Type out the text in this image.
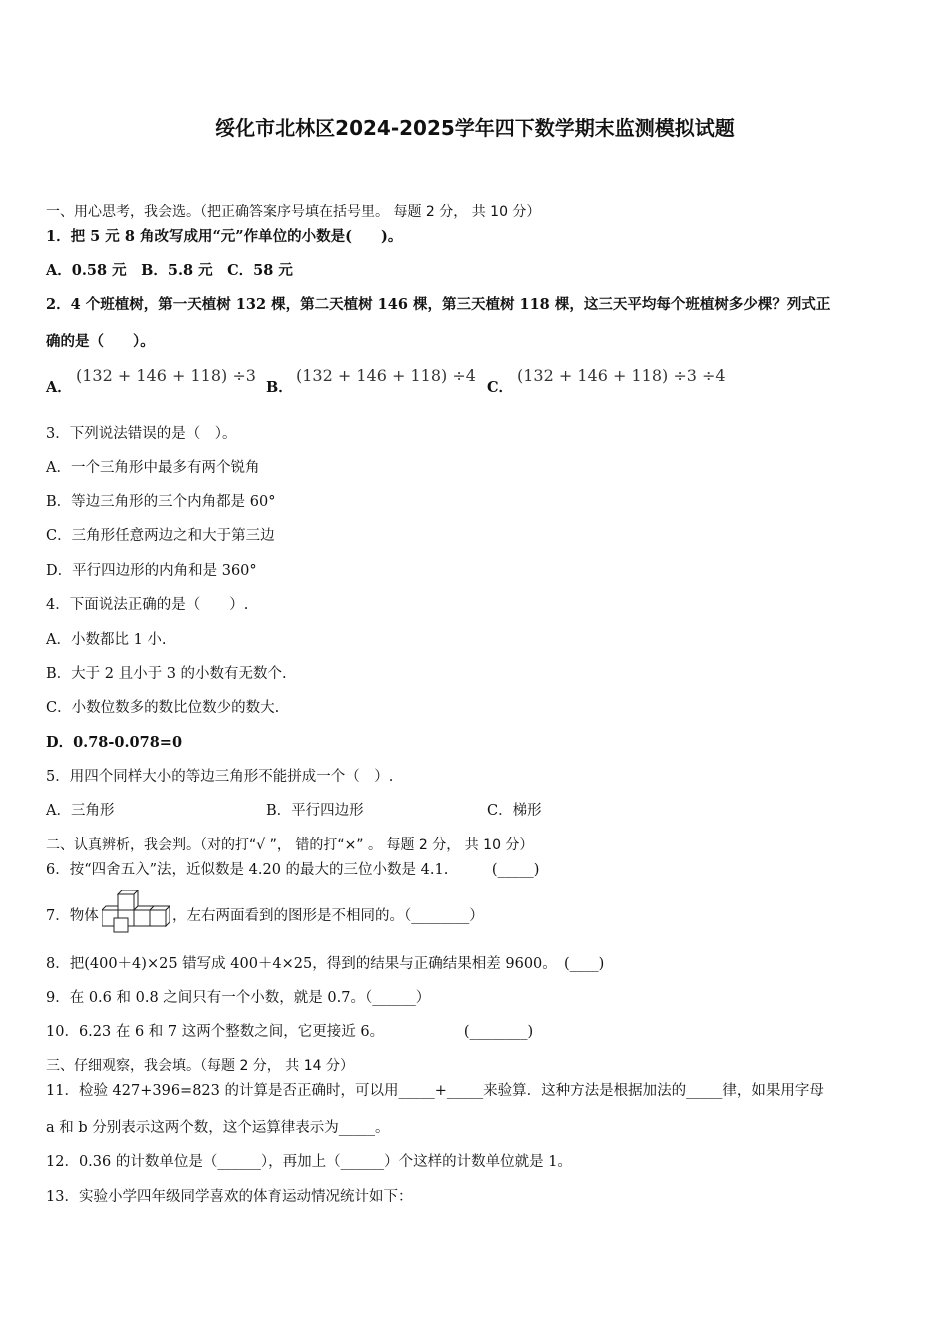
绥化市北林区2024-2025学年四下数学期末监测模拟试题
一、用心思考，我会选。（把正确答案序号填在括号里。 每题 2 分， 共 10 分）
1．把 5 元 8 角改写成用“元”作单位的小数是(　　)。
A．0.58 元　B．5.8 元　C．58 元
2．4 个班植树，第一天植树 132 棵，第二天植树 146 棵，第三天植树 118 棵，这三天平均每个班植树多少棵？列式正
确的是（　　）。
A．
(132 + 146 + 118) ÷3
B．
(132 + 146 + 118) ÷4
C．
(132 + 146 + 118) ÷3 ÷4
3．下列说法错误的是（　）。
A．一个三角形中最多有两个锐角
B．等边三角形的三个内角都是 60°
C．三角形任意两边之和大于第三边
D．平行四边形的内角和是 360°
4．下面说法正确的是（　　）.
A．小数都比 1 小.
B．大于 2 且小于 3 的小数有无数个.
C．小数位数多的数比位数少的数大.
D．0.78-0.078=0
5．用四个同样大小的等边三角形不能拼成一个（　）.
A．三角形	B．平行四边形	C．梯形
二、认真辨析，我会判。（对的打“√ ”， 错的打“×” 。 每题 2 分， 共 10 分）
6．按“四舍五入”法，近似数是 4.20 的最大的三位小数是 4.1.　　　(_____)
7．物体	，左右两面看到的图形是不相同的。（________）
8．把(400＋4)×25 错写成 400＋4×25，得到的结果与正确结果相差 9600。　(____)
9．在 0.6 和 0.8 之间只有一个小数，就是 0.7。（______）
10．6.23 在 6 和 7 这两个整数之间，它更接近 6。　　　　　　(________)
三、仔细观察，我会填。（每题 2 分， 共 14 分）
11．检验 427+396=823 的计算是否正确时，可以用_____+_____来验算．这种方法是根据加法的_____律，如果用字母
a 和 b 分别表示这两个数，这个运算律表示为_____。
12．0.36 的计数单位是（______），再加上（______）个这样的计数单位就是 1。
13．实验小学四年级同学喜欢的体育运动情况统计如下：
